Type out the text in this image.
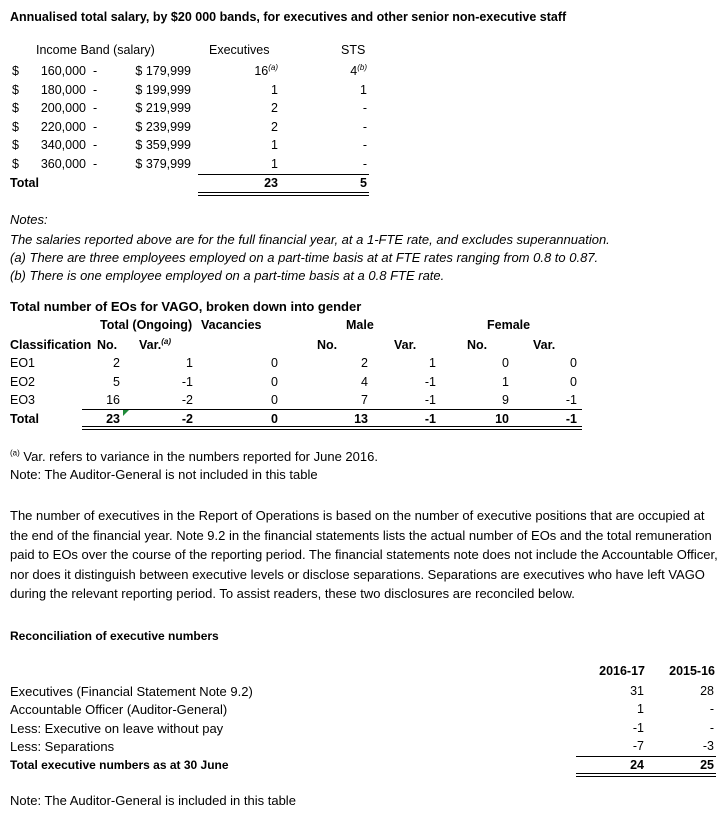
Annualised total salary, by $20 000 bands, for executives and other senior non-executive staff
Income Band (salary)	Executives	STS
$	160,000 -	$ 179,999	16$^{(a)}$	4$^{(b)}$
$	180,000 -	$ 199,999	1	1
$	200,000 -	$ 219,999	2	-
$	220,000 -	$ 239,999	2	-
$	340,000 -	$ 359,999	1	-
$	360,000 -	$ 379,999	1	-
Total	23	5
Notes:
The salaries reported above are for the full financial year, at a 1-FTE rate, and excludes superannuation.
(a) There are three employees employed on a part-time basis at at FTE rates ranging from 0.8 to 0.87.
(b) There is one employee employed on a part-time basis at a 0.8 FTE rate.
Total number of EOs for VAGO, broken down into gender
Total (Ongoing) Vacancies	Male	Female
Classification No. Var.$^{(a)}$	No.	Var.	No.	Var.
EO1	2	1	0	2	1	0	0
EO2	5	-1	0	4	-1	1	0
EO3	16	-2	0	7	-1	9	-1
Total	23	-2	0	13	-1	10	-1
$^{(a)}$ Var. refers to variance in the numbers reported for June 2016.
Note: The Auditor-General is not included in this table
The number of executives in the Report of Operations is based on the number of executive positions that are occupied at the end of the financial year. Note 9.2 in the financial statements lists the actual number of EOs and the total remuneration paid to EOs over the course of the reporting period. The financial statements note does not include the Accountable Officer, nor does it distinguish between executive levels or disclose separations. Separations are executives who have left VAGO during the relevant reporting period. To assist readers, these two disclosures are reconciled below.
Reconciliation of executive numbers
2016-17	2015-16
Executives (Financial Statement Note 9.2)	31	28
Accountable Officer (Auditor-General)	1	-
Less: Executive on leave without pay	-1	-
Less: Separations	-7	-3
Total executive numbers as at 30 June	24	25
Note: The Auditor-General is included in this table
